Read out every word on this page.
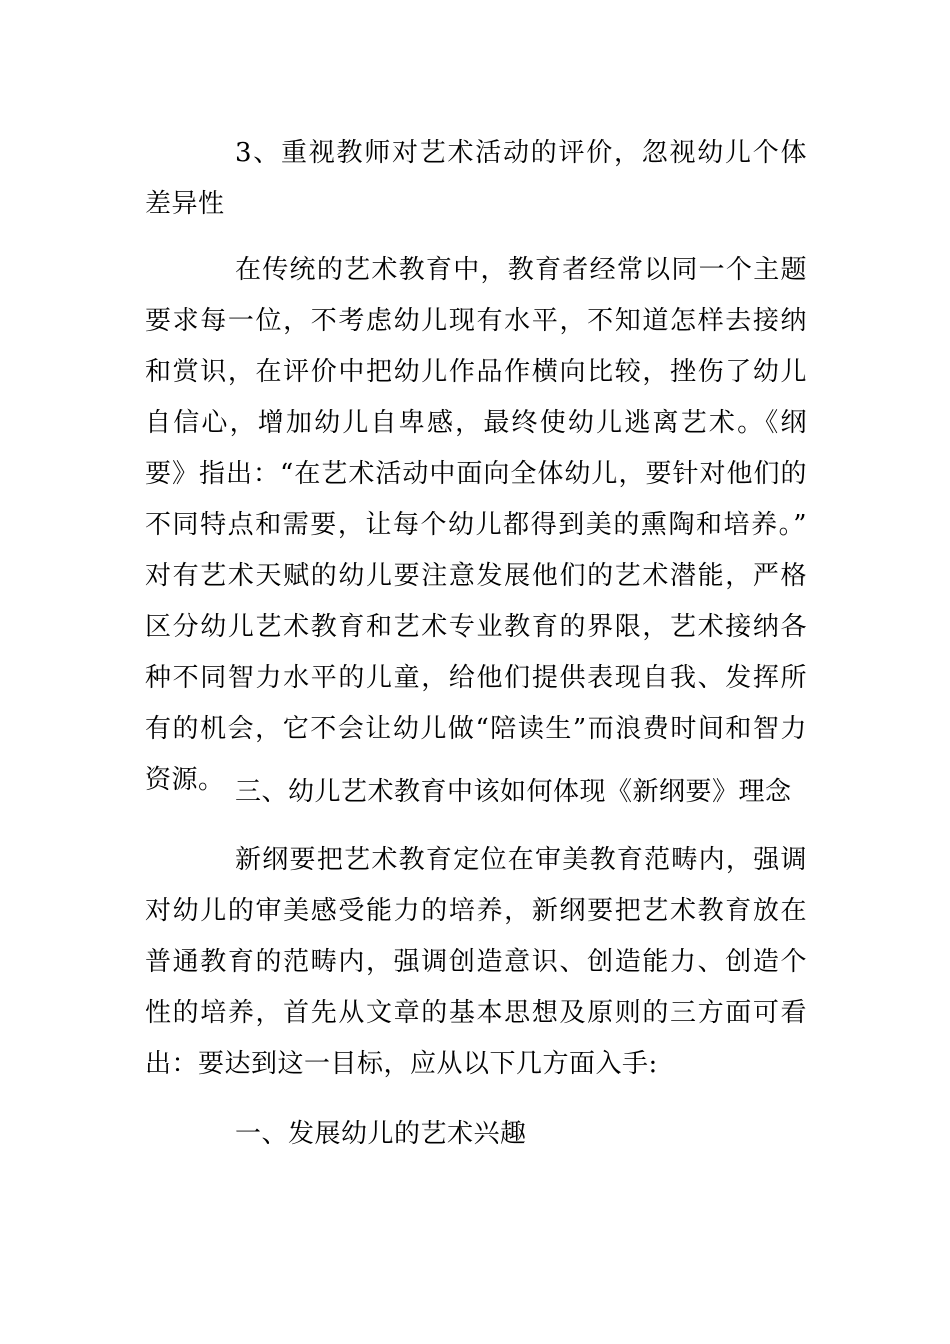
3、重视教师对艺术活动的评价，忽视幼儿个体差异性

在传统的艺术教育中，教育者经常以同一个主题要求每一位，不考虑幼儿现有水平，不知道怎样去接纳和赏识，在评价中把幼儿作品作横向比较，挫伤了幼儿自信心，增加幼儿自卑感，最终使幼儿逃离艺术。《纲要》指出：“在艺术活动中面向全体幼儿，要针对他们的不同特点和需要，让每个幼儿都得到美的熏陶和培养。” 对有艺术天赋的幼儿要注意发展他们的艺术潜能，严格区分幼儿艺术教育和艺术专业教育的界限，艺术接纳各种不同智力水平的儿童，给他们提供表现自我、发挥所有的机会，它不会让幼儿做“陪读生”而浪费时间和智力资源。 三、幼儿艺术教育中该如何体现《新纲要》理念

新纲要把艺术教育定位在审美教育范畴内，强调对幼儿的审美感受能力的培养，新纲要把艺术教育放在普通教育的范畴内，强调创造意识、创造能力、创造个性的培养，首先从文章的基本思想及原则的三方面可看出：要达到这一目标，应从以下几方面入手:

一、发展幼儿的艺术兴趣
